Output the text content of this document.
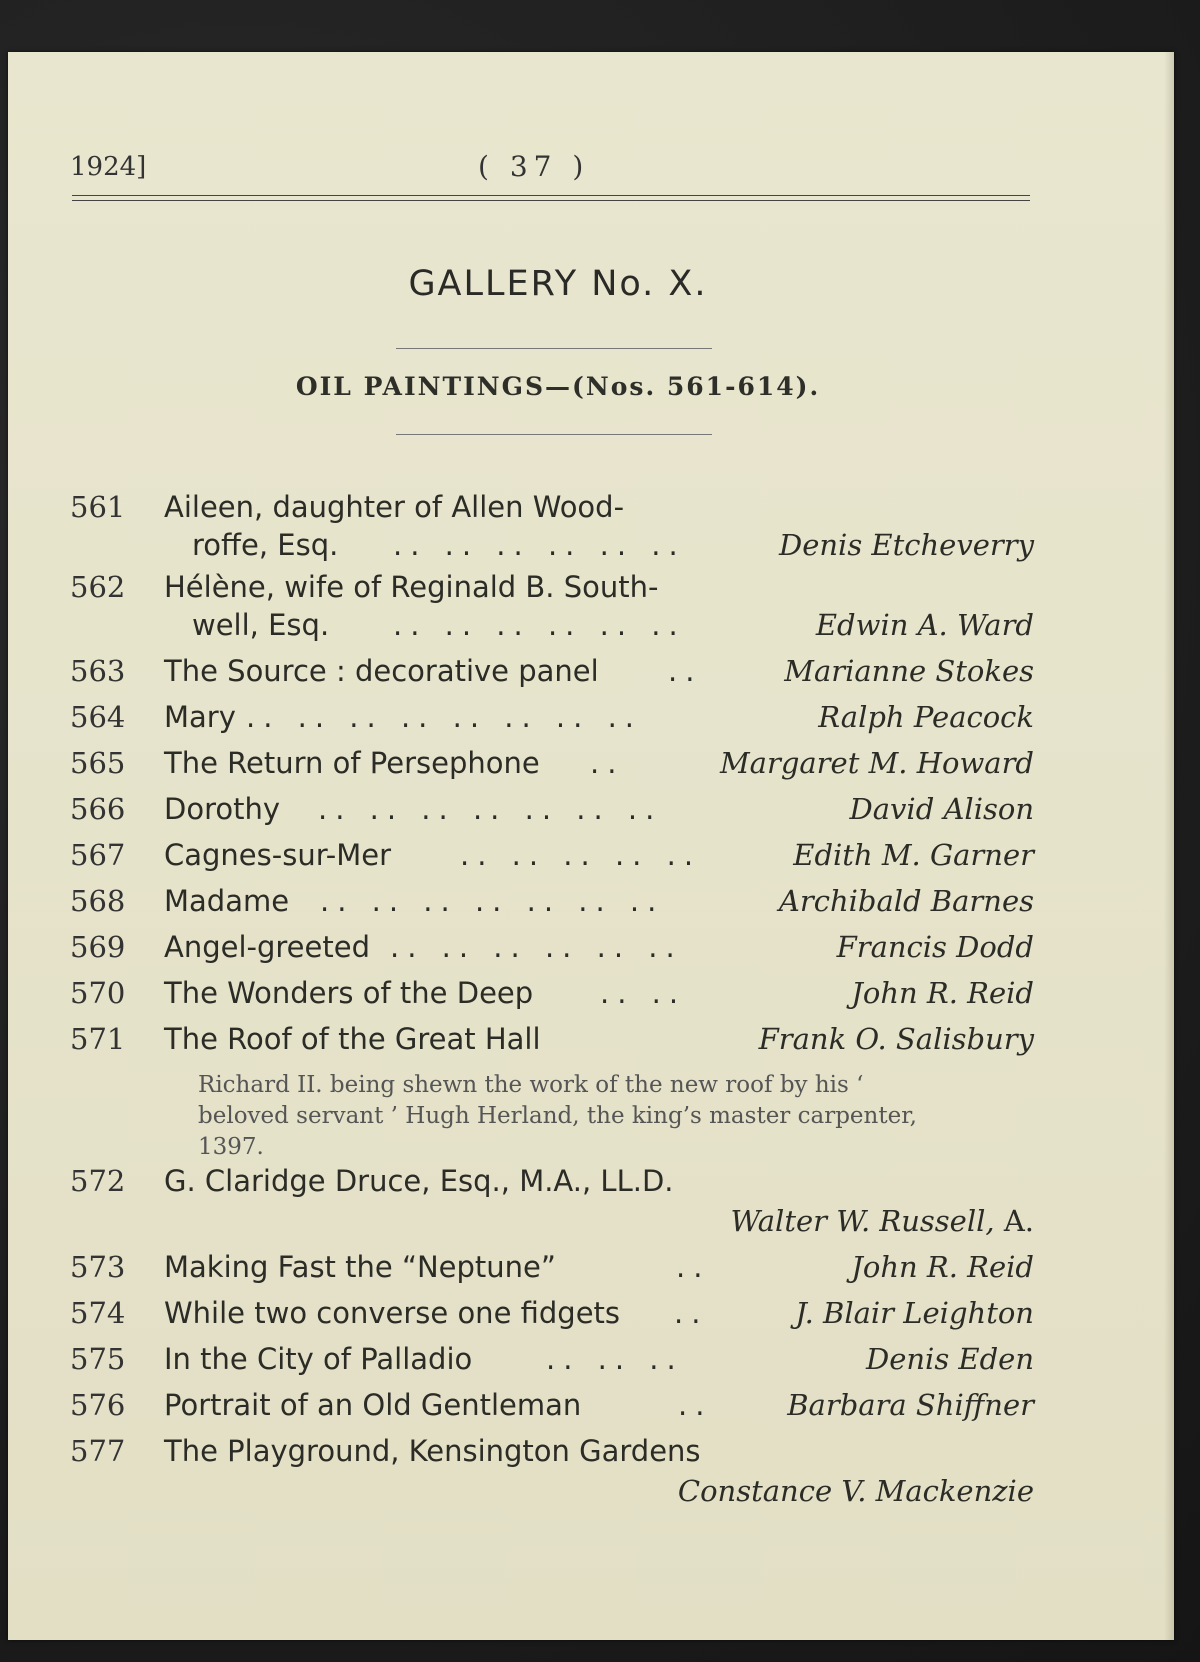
1924]	( 37 )
GALLERY No. X.
OIL PAINTINGS—(Nos. 561-614).
561 Aileen, daughter of Allen Wood-
roffe, Esq. .. .. .. .. .. ..	Denis Etcheverry
562 Hélène, wife of Reginald B. South-
well, Esq. .. .. .. .. .. ..	Edwin A. Ward
563 The Source : decorative panel ..	Marianne Stokes
564 Mary .. .. .. .. .. .. .. ..	Ralph Peacock
565 The Return of Persephone ..	Margaret M. Howard
566 Dorothy .. .. .. .. .. .. ..	David Alison
567 Cagnes-sur-Mer .. .. .. .. ..	Edith M. Garner
568 Madame .. .. .. .. .. .. ..	Archibald Barnes
569 Angel-greeted .. .. .. .. .. ..	Francis Dodd
570 The Wonders of the Deep .. ..	John R. Reid
571 The Roof of the Great Hall	Frank O. Salisbury
Richard II. being shewn the work of the new roof by his ‘ beloved servant ’ Hugh Herland, the king’s master carpenter, 1397.
572 G. Claridge Druce, Esq., M.A., LL.D.
Walter W. Russell, A.
573 Making Fast the “Neptune”	..	John R. Reid
574 While two converse one fidgets ..	J. Blair Leighton
575 In the City of Palladio	.. .. ..	Denis Eden
576 Portrait of an Old Gentleman	..	Barbara Shiffner
577 The Playground, Kensington Gardens
Constance V. Mackenzie
